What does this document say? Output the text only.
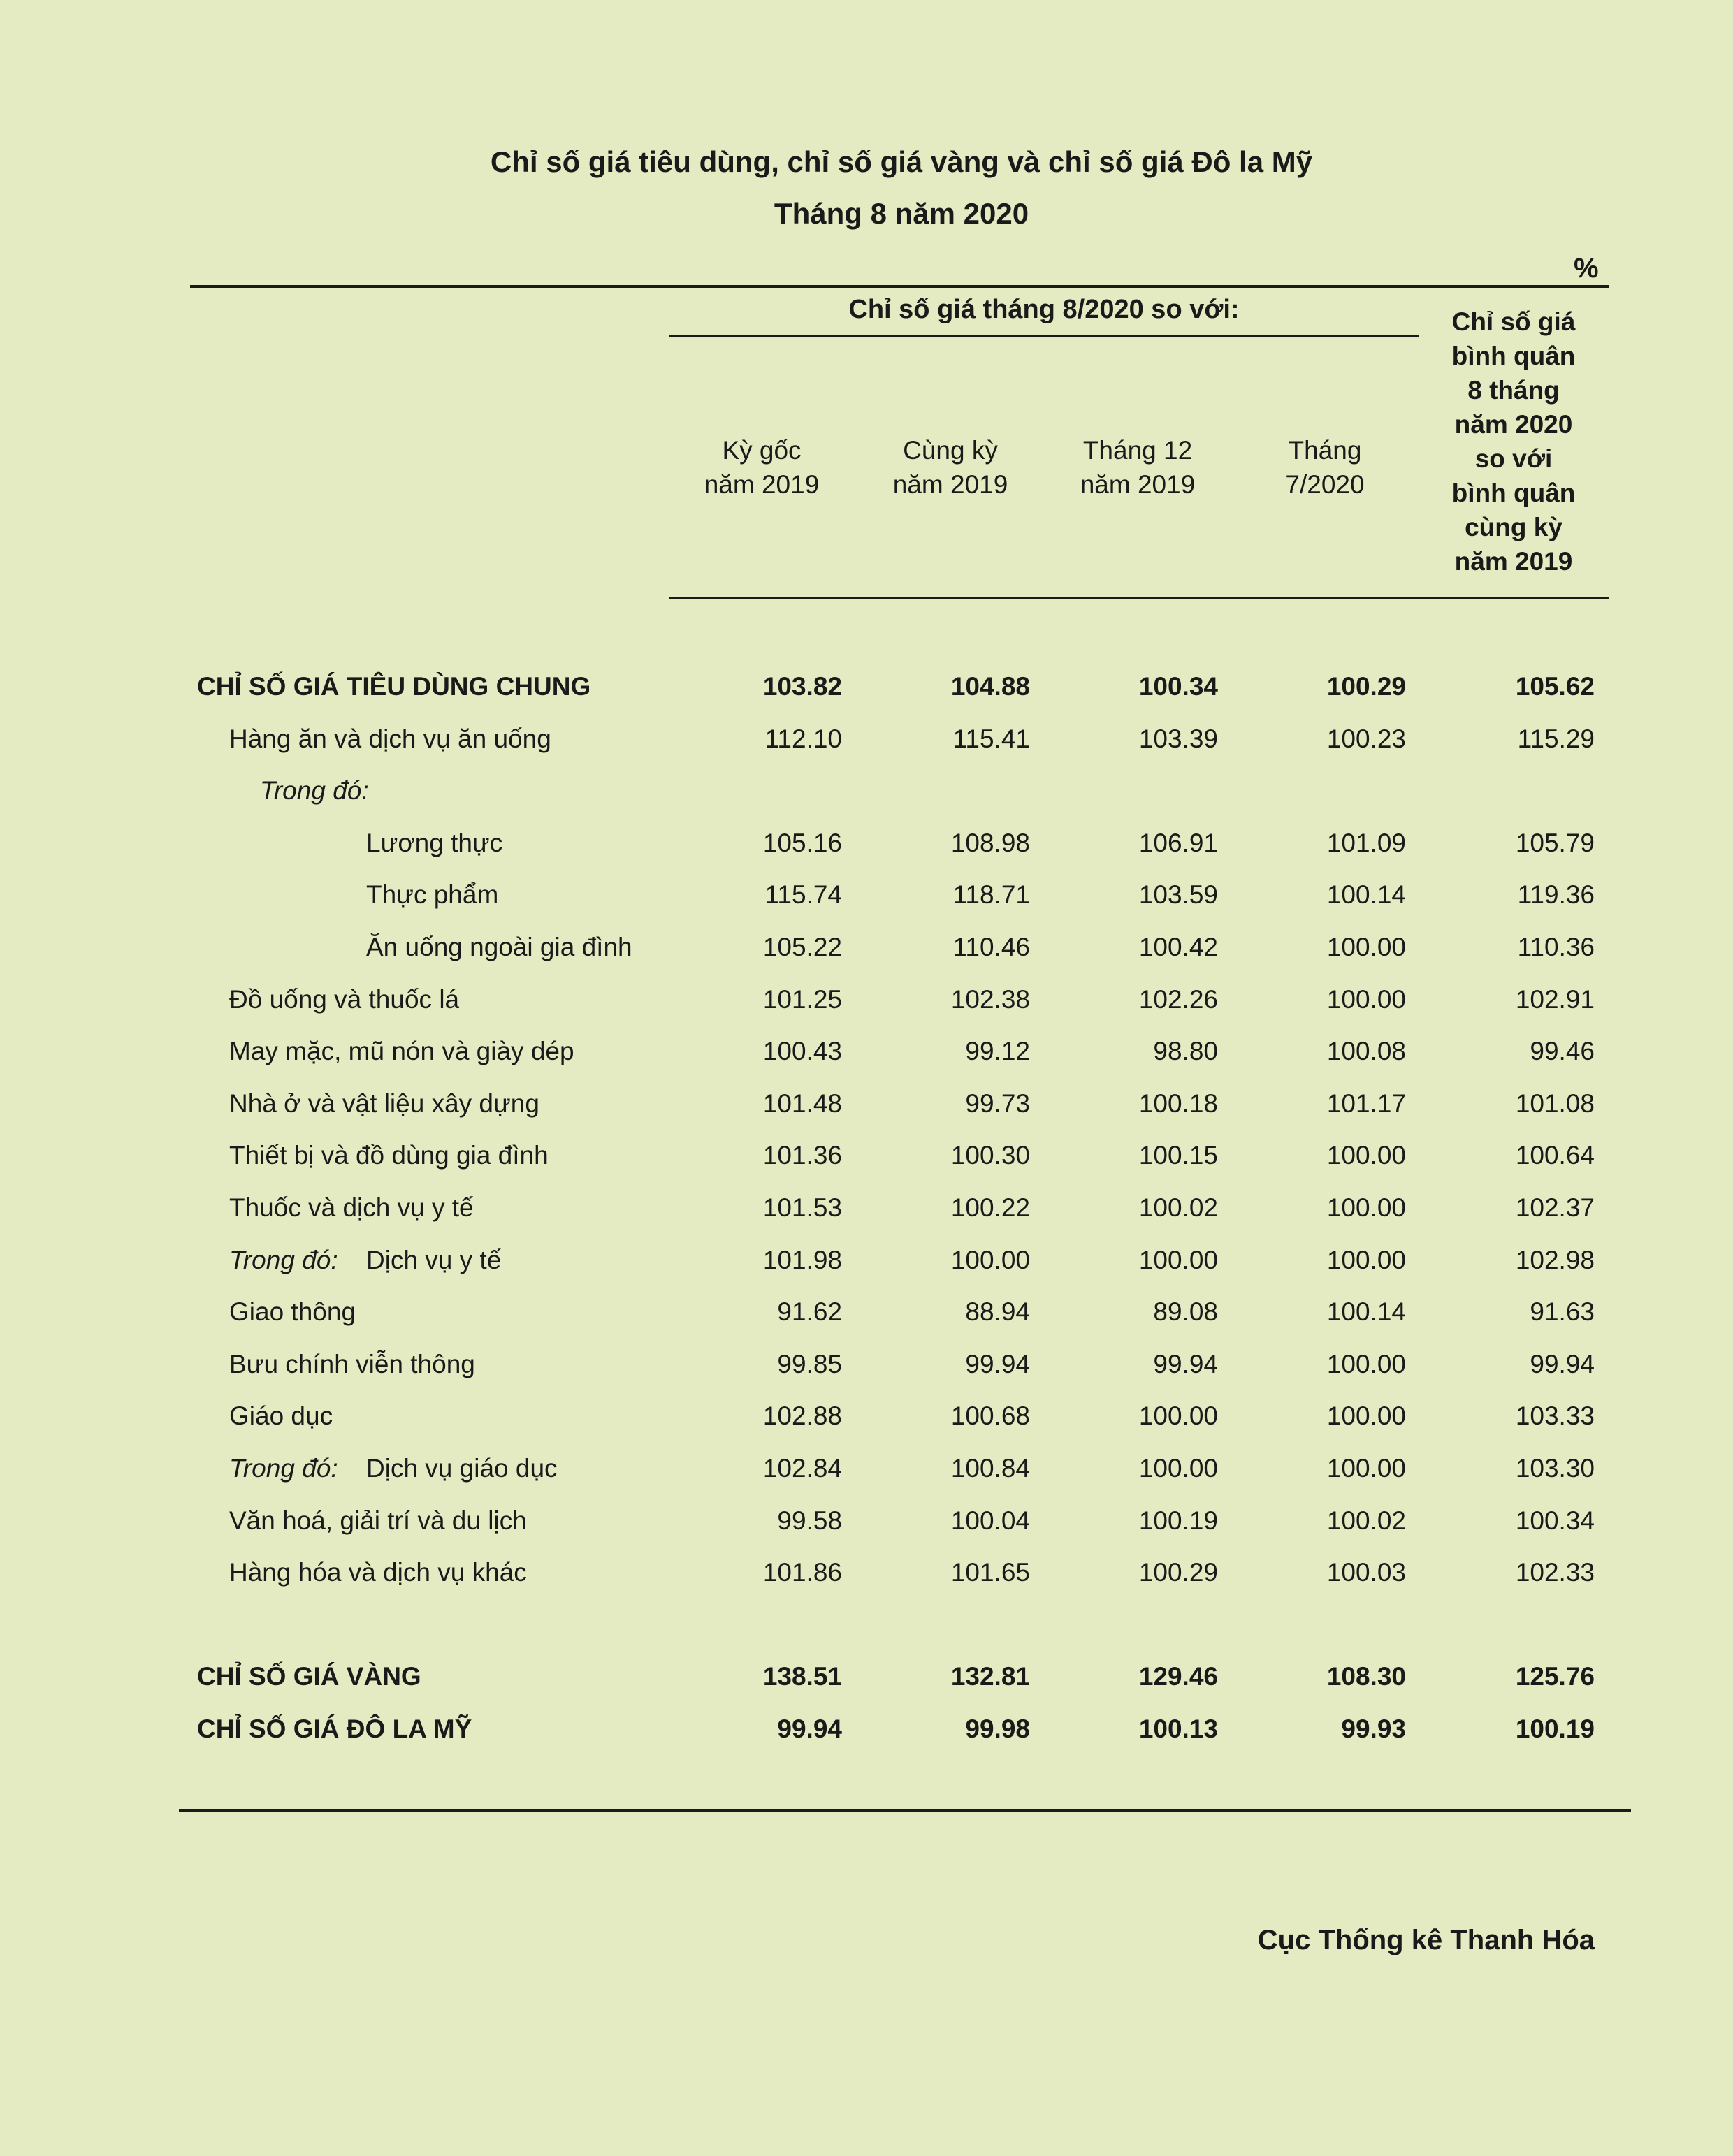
Chỉ số giá tiêu dùng, chỉ số giá vàng và chỉ số giá Đô la Mỹ
Tháng 8 năm 2020
%
Chỉ số giá tháng 8/2020 so với:
Kỳ gốc
năm 2019
Cùng kỳ
năm 2019
Tháng 12
năm 2019
Tháng
7/2020
Chỉ số giá
bình quân
8 tháng
năm 2020
so với
bình quân
cùng kỳ
năm 2019
CHỈ SỐ GIÁ TIÊU DÙNG CHUNG	103.82	104.88	100.34	100.29	105.62
Hàng ăn và dịch vụ ăn uống	112.10	115.41	103.39	100.23	115.29
Trong đó:
Lương thực	105.16	108.98	106.91	101.09	105.79
Thực phẩm	115.74	118.71	103.59	100.14	119.36
Ăn uống ngoài gia đình	105.22	110.46	100.42	100.00	110.36
Đồ uống và thuốc lá	101.25	102.38	102.26	100.00	102.91
May mặc, mũ nón và giày dép	100.43	99.12	98.80	100.08	99.46
Nhà ở và vật liệu xây dựng	101.48	99.73	100.18	101.17	101.08
Thiết bị và đồ dùng gia đình	101.36	100.30	100.15	100.00	100.64
Thuốc và dịch vụ y tế	101.53	100.22	100.02	100.00	102.37
Trong đó: Dịch vụ y tế	101.98	100.00	100.00	100.00	102.98
Giao thông	91.62	88.94	89.08	100.14	91.63
Bưu chính viễn thông	99.85	99.94	99.94	100.00	99.94
Giáo dục	102.88	100.68	100.00	100.00	103.33
Trong đó: Dịch vụ giáo dục	102.84	100.84	100.00	100.00	103.30
Văn hoá, giải trí và du lịch	99.58	100.04	100.19	100.02	100.34
Hàng hóa và dịch vụ khác	101.86	101.65	100.29	100.03	102.33
CHỈ SỐ GIÁ VÀNG	138.51	132.81	129.46	108.30	125.76
CHỈ SỐ GIÁ ĐÔ LA MỸ	99.94	99.98	100.13	99.93	100.19
Cục Thống kê Thanh Hóa
